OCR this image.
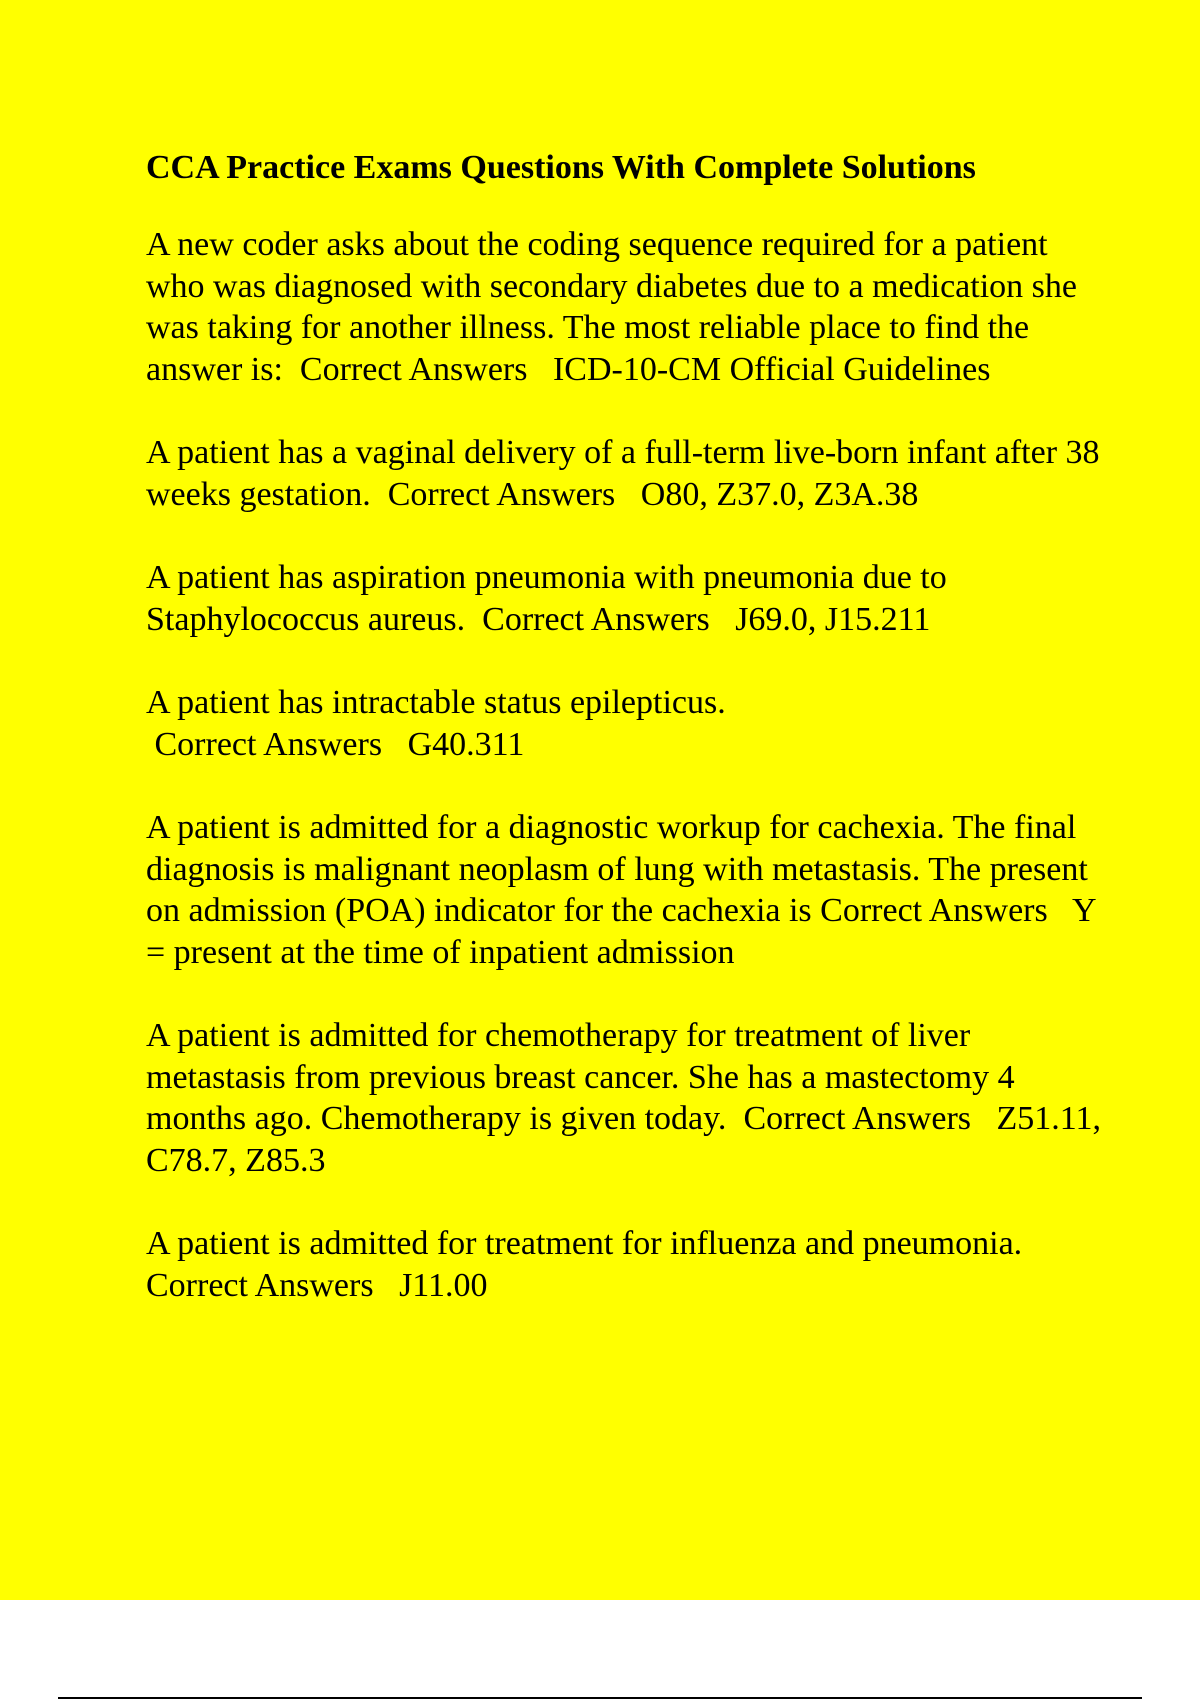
CCA Practice Exams Questions With Complete Solutions

A new coder asks about the coding sequence required for a patient who was diagnosed with secondary diabetes due to a medication she was taking for another illness. The most reliable place to find the answer is:  Correct Answers   ICD-10-CM Official Guidelines

A patient has a vaginal delivery of a full-term live-born infant after 38 weeks gestation.  Correct Answers   O80, Z37.0, Z3A.38

A patient has aspiration pneumonia with pneumonia due to Staphylococcus aureus.  Correct Answers   J69.0, J15.211

A patient has intractable status epilepticus.  Correct Answers   G40.311

A patient is admitted for a diagnostic workup for cachexia. The final diagnosis is malignant neoplasm of lung with metastasis. The present on admission (POA) indicator for the cachexia is Correct Answers   Y = present at the time of inpatient admission

A patient is admitted for chemotherapy for treatment of liver metastasis from previous breast cancer. She has a mastectomy 4 months ago. Chemotherapy is given today.  Correct Answers   Z51.11, C78.7, Z85.3

A patient is admitted for treatment for influenza and pneumonia. Correct Answers   J11.00
